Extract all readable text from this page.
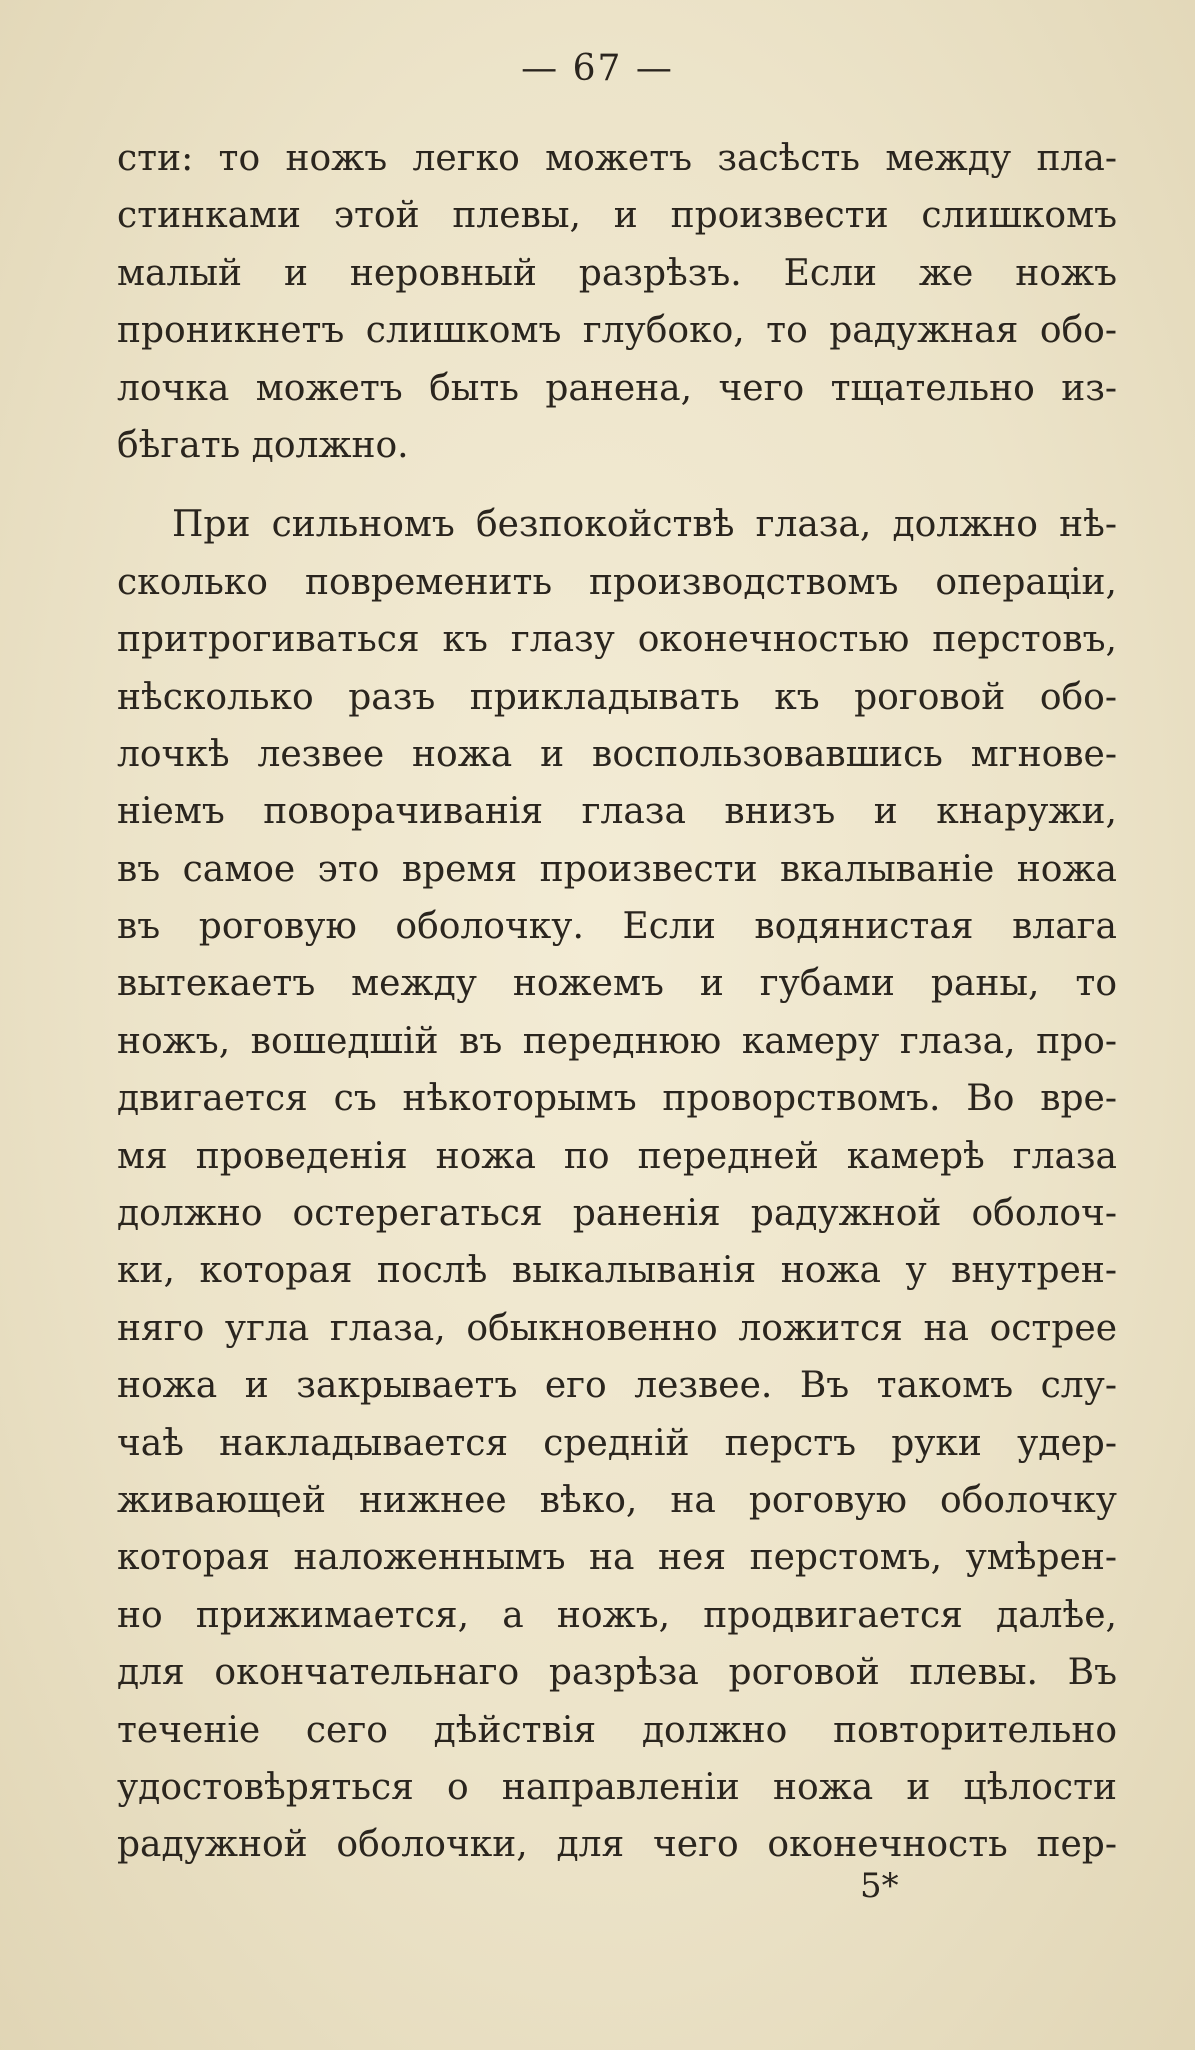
— 67 —
сти: то ножъ легко можетъ засѣсть между пла-
стинками этой плевы, и произвести слишкомъ
малый и неровный разрѣзъ. Если же ножъ
проникнетъ слишкомъ глубоко, то радужная обо-
лочка можетъ быть ранена, чего тщательно из-
бѣгать должно.
При сильномъ безпокойствѣ глаза, должно нѣ-
сколько повременить производствомъ операціи,
притрогиваться къ глазу оконечностью перстовъ,
нѣсколько разъ прикладывать къ роговой обо-
лочкѣ лезвее ножа и воспользовавшись мгнове-
ніемъ поворачиванія глаза внизъ и кнаружи,
въ самое это время произвести вкалываніе ножа
въ роговую оболочку. Если водянистая влага
вытекаетъ между ножемъ и губами раны, то
ножъ, вошедшій въ переднюю камеру глаза, про-
двигается съ нѣкоторымъ проворствомъ. Во вре-
мя проведенія ножа по передней камерѣ глаза
должно остерегаться раненія радужной оболоч-
ки, которая послѣ выкалыванія ножа у внутрен-
няго угла глаза, обыкновенно ложится на острее
ножа и закрываетъ его лезвее. Въ такомъ слу-
чаѣ накладывается средній перстъ руки удер-
живающей нижнее вѣко, на роговую оболочку
которая наложеннымъ на нея перстомъ, умѣрен-
но прижимается, а ножъ, продвигается далѣе,
для окончательнаго разрѣза роговой плевы. Въ
теченіе сего дѣйствія должно повторительно
удостовѣряться о направленіи ножа и цѣлости
радужной оболочки, для чего оконечность пер-
5*
